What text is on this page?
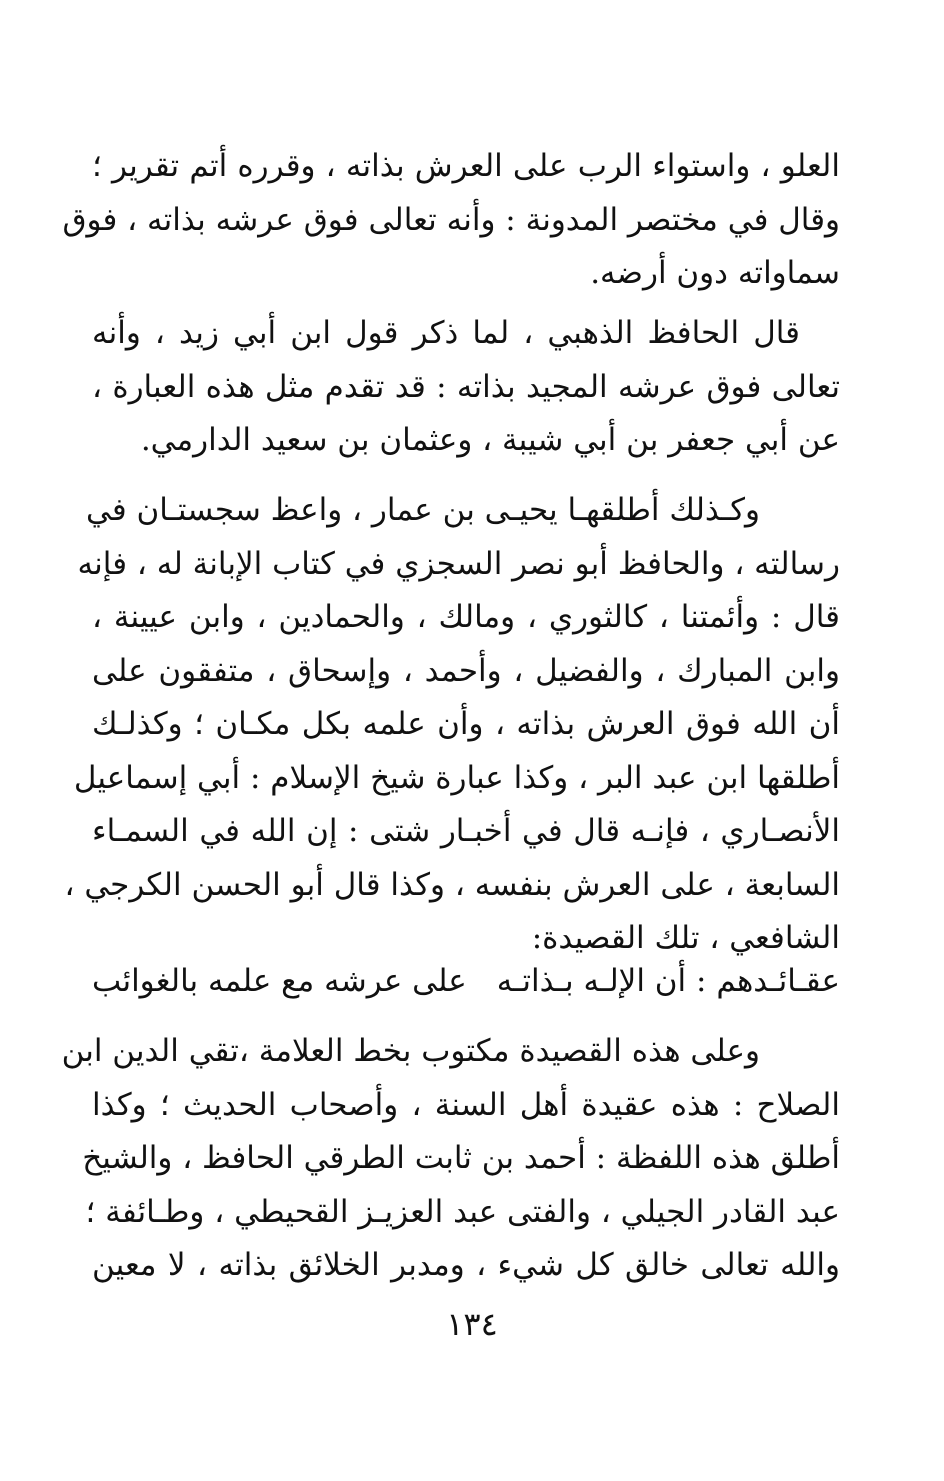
العلو ، واستواء الرب على العرش بذاته ، وقرره أتم تقرير ؛
وقال في مختصر المدونة : وأنه تعالى فوق عرشه بذاته ، فوق
سماواته دون أرضه.
قال الحافظ الذهبي ، لما ذكر قول ابن أبي زيد ، وأنه
تعالى فوق عرشه المجيد بذاته : قد تقدم مثل هذه العبارة ،
عن أبي جعفر بن أبي شيبة ، وعثمان بن سعيد الدارمي.
وكـذلك أطلقهـا يحيـى بن عمار ، واعظ سجستـان في
رسالته ، والحافظ أبو نصر السجزي في كتاب الإبانة له ، فإنه
قال : وأئمتنا ، كالثوري ، ومالك ، والحمادين ، وابن عيينة ،
وابن المبارك ، والفضيل ، وأحمد ، وإسحاق ، متفقون على
أن الله فوق العرش بذاته ، وأن علمه بكل مكـان ؛ وكذلـك
أطلقها ابن عبد البر ، وكذا عبارة شيخ الإسلام : أبي إسماعيل
الأنصـاري ، فإنـه قال في أخبـار شتى : إن الله في السمـاء
السابعة ، على العرش بنفسه ، وكذا قال أبو الحسن الكرجي ،
الشافعي ، تلك القصيدة:
عقـائـدهم : أن الإلـه بـذاتـه
على عرشه مع علمه بالغوائب
وعلى هذه القصيدة مكتوب بخط العلامة ،تقي الدين ابن
الصلاح : هذه عقيدة أهل السنة ، وأصحاب الحديث ؛ وكذا
أطلق هذه اللفظة : أحمد بن ثابت الطرقي الحافظ ، والشيخ
عبد القادر الجيلي ، والفتى عبد العزيـز القحيطي ، وطـائفة ؛
والله تعالى خالق كل شيء ، ومدبر الخلائق بذاته ، لا معين
١٣٤
